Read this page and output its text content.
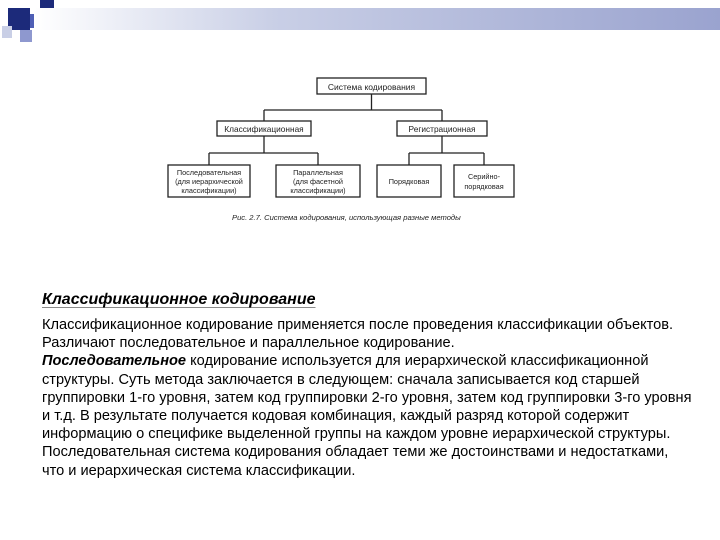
Система кодирования
Классификационная	Регистрационная
Последовательная
(для иерархической
классификации)
Параллельная
(для фасетной
классификации)
Порядковая
Серийно-
порядковая
Рис. 2.7. Система кодирования, использующая разные методы
Классификационное кодирование

Классификационное кодирование применяется после проведения классификации объектов. Различают последовательное и параллельное кодирование.

Последовательное кодирование используется для иерархической классификационной структуры. Суть метода заключается в следующем: сначала записывается код старшей группировки 1-го уровня, затем код группировки 2-го уровня, затем код группировки 3-го уровня и т.д. В результате получается кодовая комбинация, каждый разряд которой содержит информацию о специфике выделенной группы на каждом уровне иерархической структуры. Последовательная система кодирования обладает теми же достоинствами и недостатками, что и иерархическая система классификации.
